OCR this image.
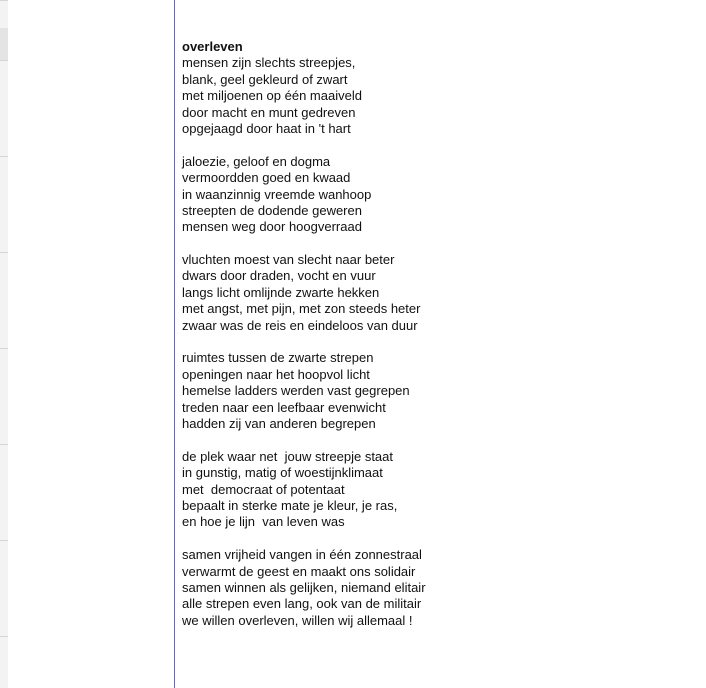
overleven
mensen zijn slechts streepjes,
blank, geel gekleurd of zwart
met miljoenen op één maaiveld
door macht en munt gedreven
opgejaagd door haat in 't hart
jaloezie, geloof en dogma
vermoordden goed en kwaad
in waanzinnig vreemde wanhoop
streepten de dodende geweren
mensen weg door hoogverraad
vluchten moest van slecht naar beter
dwars door draden, vocht en vuur
langs licht omlijnde zwarte hekken
met angst, met pijn, met zon steeds heter
zwaar was de reis en eindeloos van duur
ruimtes tussen de zwarte strepen
openingen naar het hoopvol licht
hemelse ladders werden vast gegrepen
treden naar een leefbaar evenwicht
hadden zij van anderen begrepen
de plek waar net  jouw streepje staat
in gunstig, matig of woestijnklimaat
met  democraat of potentaat
bepaalt in sterke mate je kleur, je ras,
en hoe je lijn  van leven was
samen vrijheid vangen in één zonnestraal
verwarmt de geest en maakt ons solidair
samen winnen als gelijken, niemand elitair
alle strepen even lang, ook van de militair
we willen overleven, willen wij allemaal !
